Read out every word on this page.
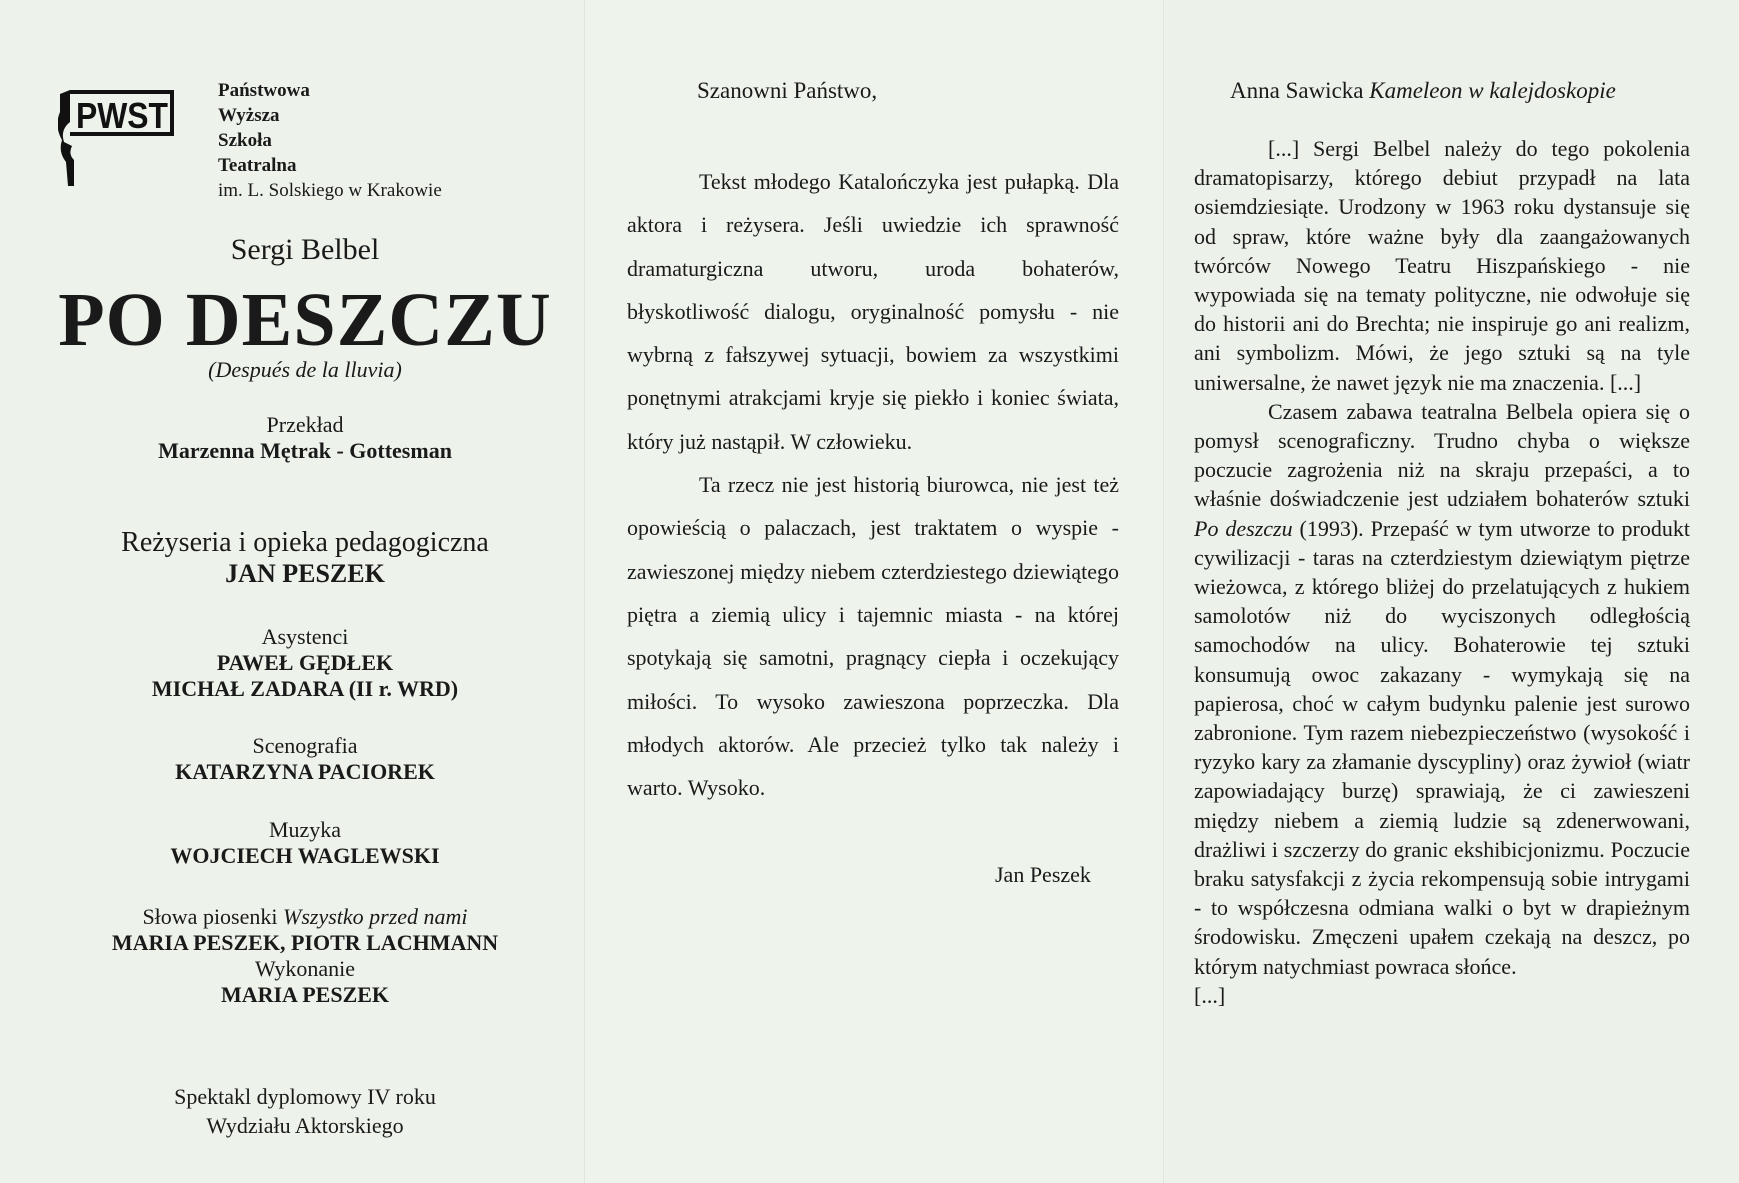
PWST
Państwowa
Wyższa
Szkoła
Teatralna
im. L. Solskiego w Krakowie
Sergi Belbel
PO DESZCZU
(Después de la lluvia)
Przekład
Marzenna Mętrak - Gottesman
Reżyseria i opieka pedagogiczna
JAN PESZEK
Asystenci
PAWEŁ GĘDŁEK
MICHAŁ ZADARA (II r. WRD)
Scenografia
KATARZYNA PACIOREK
Muzyka
WOJCIECH WAGLEWSKI
Słowa piosenki Wszystko przed nami
MARIA PESZEK, PIOTR LACHMANN
Wykonanie
MARIA PESZEK
Spektakl dyplomowy IV roku
Wydziału Aktorskiego
Szanowni Państwo,

Tekst młodego Katalończyka jest pułapką. Dla aktora i reżysera. Jeśli uwiedzie ich sprawność dramaturgiczna utworu, uroda bohaterów, błyskotliwość dialogu, oryginalność pomysłu - nie wybrną z fałszywej sytuacji, bowiem za wszystkimi ponętnymi atrakcjami kryje się piekło i koniec świata, który już nastąpił. W człowieku.

Ta rzecz nie jest historią biurowca, nie jest też opowieścią o palaczach, jest traktatem o wyspie - zawieszonej między niebem czterdziestego dziewiątego piętra a ziemią ulicy i tajemnic miasta - na której spotykają się samotni, pragnący ciepła i oczekujący miłości. To wysoko zawieszona poprzeczka. Dla młodych aktorów. Ale przecież tylko tak należy i warto. Wysoko.

Jan Peszek
Anna Sawicka Kameleon w kalejdoskopie

[...] Sergi Belbel należy do tego pokolenia dramatopisarzy, którego debiut przypadł na lata osiemdziesiąte. Urodzony w 1963 roku dystansuje się od spraw, które ważne były dla zaangażowanych twórców Nowego Teatru Hiszpańskiego - nie wypowiada się na tematy polityczne, nie odwołuje się do historii ani do Brechta; nie inspiruje go ani realizm, ani symbolizm. Mówi, że jego sztuki są na tyle uniwersalne, że nawet język nie ma znaczenia. [...]

Czasem zabawa teatralna Belbela opiera się o pomysł scenograficzny. Trudno chyba o większe poczucie zagrożenia niż na skraju przepaści, a to właśnie doświadczenie jest udziałem bohaterów sztuki Po deszczu (1993). Przepaść w tym utworze to produkt cywilizacji - taras na czterdziestym dziewiątym piętrze wieżowca, z którego bliżej do przelatujących z hukiem samolotów niż do wyciszonych odległością samochodów na ulicy. Bohaterowie tej sztuki konsumują owoc zakazany - wymykają się na papierosa, choć w całym budynku palenie jest surowo zabronione. Tym razem niebezpieczeństwo (wysokość i ryzyko kary za złamanie dyscypliny) oraz żywioł (wiatr zapowiadający burzę) sprawiają, że ci zawieszeni między niebem a ziemią ludzie są zdenerwowani, drażliwi i szczerzy do granic ekshibicjonizmu. Poczucie braku satysfakcji z życia rekompensują sobie intrygami - to współczesna odmiana walki o byt w drapieżnym środowisku. Zmęczeni upałem czekają na deszcz, po którym natychmiast powraca słońce.

[...]
